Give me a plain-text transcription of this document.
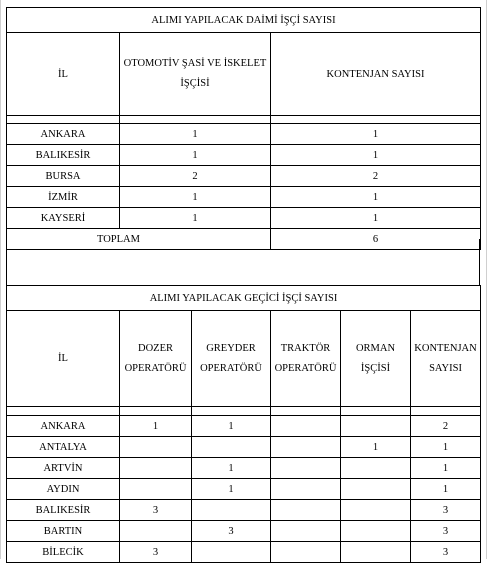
ALIMI YAPILACAK DAİMİ İŞÇİ SAYISI		
İL	OTOMOTİV ŞASİ VE İSKELET İŞÇİSİ	KONTENJAN SAYISI

ANKARA	1	1
BALIKESİR	1	1
BURSA	2	2
İZMİR	1	1
KAYSERİ	1	1
TOPLAM		6
ALIMI YAPILACAK GEÇİCİ İŞÇİ SAYISI					
İL	DOZER OPERATÖRÜ	GREYDER OPERATÖRÜ	TRAKTÖR OPERATÖRÜ	ORMAN İŞÇİSİ	KONTENJAN SAYISI

ANKARA	1	1			2
ANTALYA				1	1
ARTVİN		1			1
AYDIN		1			1
BALIKESİR	3				3
BARTIN		3			3
BİLECİK	3				3
